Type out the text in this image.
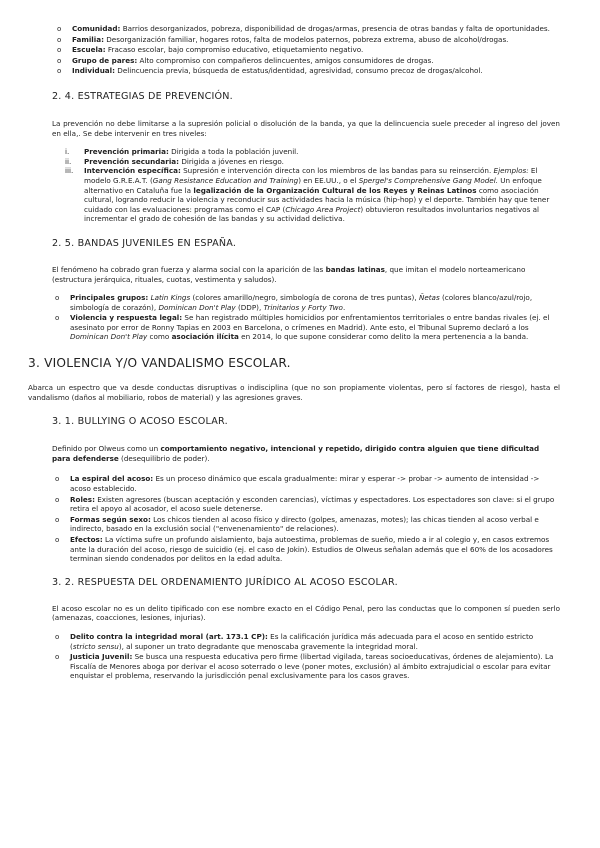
o Comunidad: Barrios desorganizados, pobreza, disponibilidad de drogas/armas, presencia de otras bandas y falta de oportunidades.
o Familia: Desorganización familiar, hogares rotos, falta de modelos paternos, pobreza extrema, abuso de alcohol/drogas.
o Escuela: Fracaso escolar, bajo compromiso educativo, etiquetamiento negativo.
o Grupo de pares: Alto compromiso con compañeros delincuentes, amigos consumidores de drogas.
o Individual: Delincuencia previa, búsqueda de estatus/identidad, agresividad, consumo precoz de drogas/alcohol.
2. 4. ESTRATEGIAS DE PREVENCIÓN.

La prevención no debe limitarse a la supresión policial o disolución de la banda, ya que la delincuencia suele preceder al ingreso del joven en ella,. Se debe intervenir en tres niveles:

i. Prevención primaria: Dirigida a toda la población juvenil.
ii. Prevención secundaria: Dirigida a jóvenes en riesgo.
iii. Intervención específica: Supresión e intervención directa con los miembros de las bandas para su reinserción. Ejemplos: El modelo G.R.E.A.T. (Gang Resistance Education and Training) en EE.UU., o el Spergel's Comprehensive Gang Model. Un enfoque alternativo en Cataluña fue la legalización de la Organización Cultural de los Reyes y Reinas Latinos como asociación cultural, logrando reducir la violencia y reconducir sus actividades hacia la música (hip-hop) y el deporte. También hay que tener cuidado con las evaluaciones: programas como el CAP (Chicago Area Project) obtuvieron resultados involuntarios negativos al incrementar el grado de cohesión de las bandas y su actividad delictiva.
2. 5. BANDAS JUVENILES EN ESPAÑA.

El fenómeno ha cobrado gran fuerza y alarma social con la aparición de las bandas latinas, que imitan el modelo norteamericano (estructura jerárquica, rituales, cuotas, vestimenta y saludos).

o Principales grupos: Latin Kings (colores amarillo/negro, simbología de corona de tres puntas), Ñetas (colores blanco/azul/rojo, simbología de corazón), Dominican Don't Play (DDP), Trinitarios y Forty Two.
o Violencia y respuesta legal: Se han registrado múltiples homicidios por enfrentamientos territoriales o entre bandas rivales (ej. el asesinato por error de Ronny Tapias en 2003 en Barcelona, o crímenes en Madrid). Ante esto, el Tribunal Supremo declaró a los Dominican Don't Play como asociación ilícita en 2014, lo que supone considerar como delito la mera pertenencia a la banda.
3. VIOLENCIA Y/O VANDALISMO ESCOLAR.

Abarca un espectro que va desde conductas disruptivas o indisciplina (que no son propiamente violentas, pero sí factores de riesgo), hasta el vandalismo (daños al mobiliario, robos de material) y las agresiones graves.

3. 1. BULLYING O ACOSO ESCOLAR.

Definido por Olweus como un comportamiento negativo, intencional y repetido, dirigido contra alguien que tiene dificultad para defenderse (desequilibrio de poder).

o La espiral del acoso: Es un proceso dinámico que escala gradualmente: mirar y esperar -> probar -> aumento de intensidad -> acoso establecido.
o Roles: Existen agresores (buscan aceptación y esconden carencias), víctimas y espectadores. Los espectadores son clave: si el grupo retira el apoyo al acosador, el acoso suele detenerse.
o Formas según sexo: Los chicos tienden al acoso físico y directo (golpes, amenazas, motes); las chicas tienden al acoso verbal e indirecto, basado en la exclusión social ("envenenamiento" de relaciones).
o Efectos: La víctima sufre un profundo aislamiento, baja autoestima, problemas de sueño, miedo a ir al colegio y, en casos extremos ante la duración del acoso, riesgo de suicidio (ej. el caso de Jokin). Estudios de Olweus señalan además que el 60% de los acosadores terminan siendo condenados por delitos en la edad adulta.
3. 2. RESPUESTA DEL ORDENAMIENTO JURÍDICO AL ACOSO ESCOLAR.

El acoso escolar no es un delito tipificado con ese nombre exacto en el Código Penal, pero las conductas que lo componen sí pueden serlo (amenazas, coacciones, lesiones, injurias).

o Delito contra la integridad moral (art. 173.1 CP): Es la calificación jurídica más adecuada para el acoso en sentido estricto (stricto sensu), al suponer un trato degradante que menoscaba gravemente la integridad moral.
o Justicia Juvenil: Se busca una respuesta educativa pero firme (libertad vigilada, tareas socioeducativas, órdenes de alejamiento). La Fiscalía de Menores aboga por derivar el acoso soterrado o leve (poner motes, exclusión) al ámbito extrajudicial o escolar para evitar enquistar el problema, reservando la jurisdicción penal exclusivamente para los casos graves.
